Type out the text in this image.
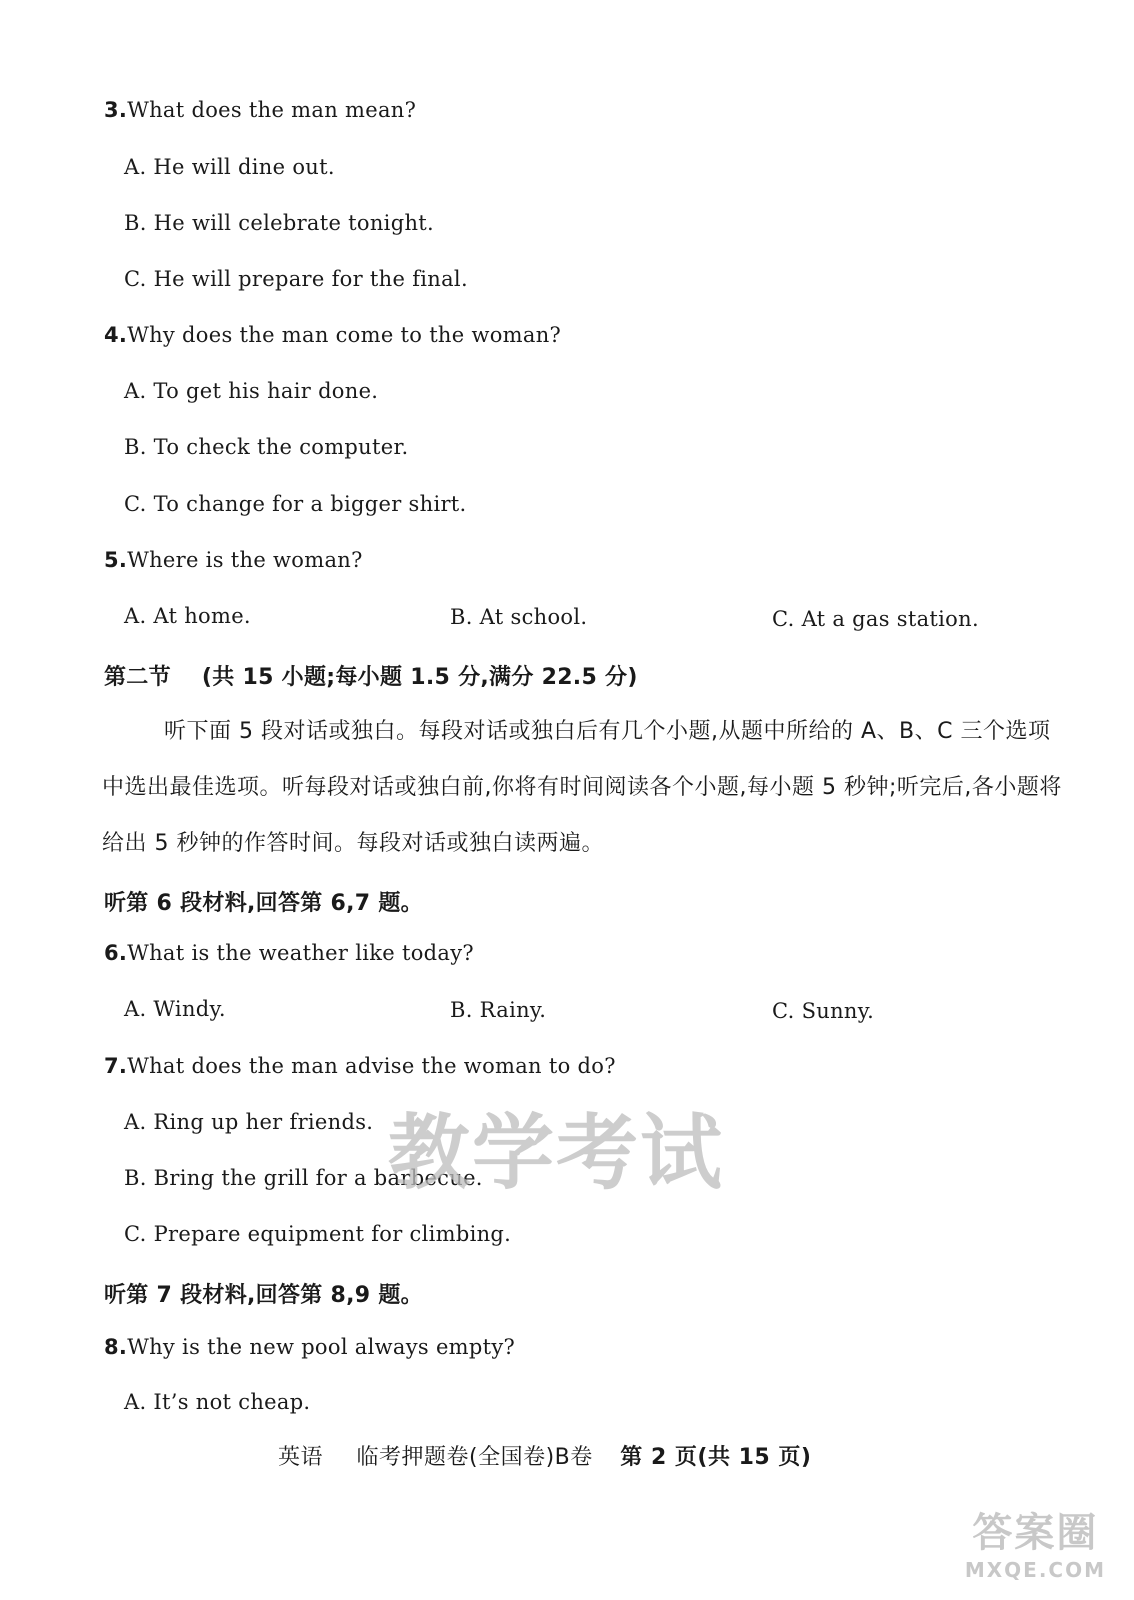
3.What does the man mean?
A. He will dine out.
B. He will celebrate tonight.
C. He will prepare for the final.
4.Why does the man come to the woman?
A. To get his hair done.
B. To check the computer.
C. To change for a bigger shirt.
5.Where is the woman?
A. At home.	B. At school.	C. At a gas station.
第二节 (共 15 小题;每小题 1.5 分,满分 22.5 分)
听下面 5 段对话或独白。每段对话或独白后有几个小题,从题中所给的 A、B、C 三个选项中选出最佳选项。听每段对话或独白前,你将有时间阅读各个小题,每小题 5 秒钟;听完后,各小题将给出 5 秒钟的作答时间。每段对话或独白读两遍。
听第 6 段材料,回答第 6,7 题。
6.What is the weather like today?
A. Windy.	B. Rainy.	C. Sunny.
7.What does the man advise the woman to do?
A. Ring up her friends.
B. Bring the grill for a barbecue.
C. Prepare equipment for climbing.
教学考试
听第 7 段材料,回答第 8,9 题。
8.Why is the new pool always empty?
A. It’s not cheap.
英语 临考押题卷(全国卷)B卷 第 2 页(共 15 页)
答案圈
MXQE.COM
